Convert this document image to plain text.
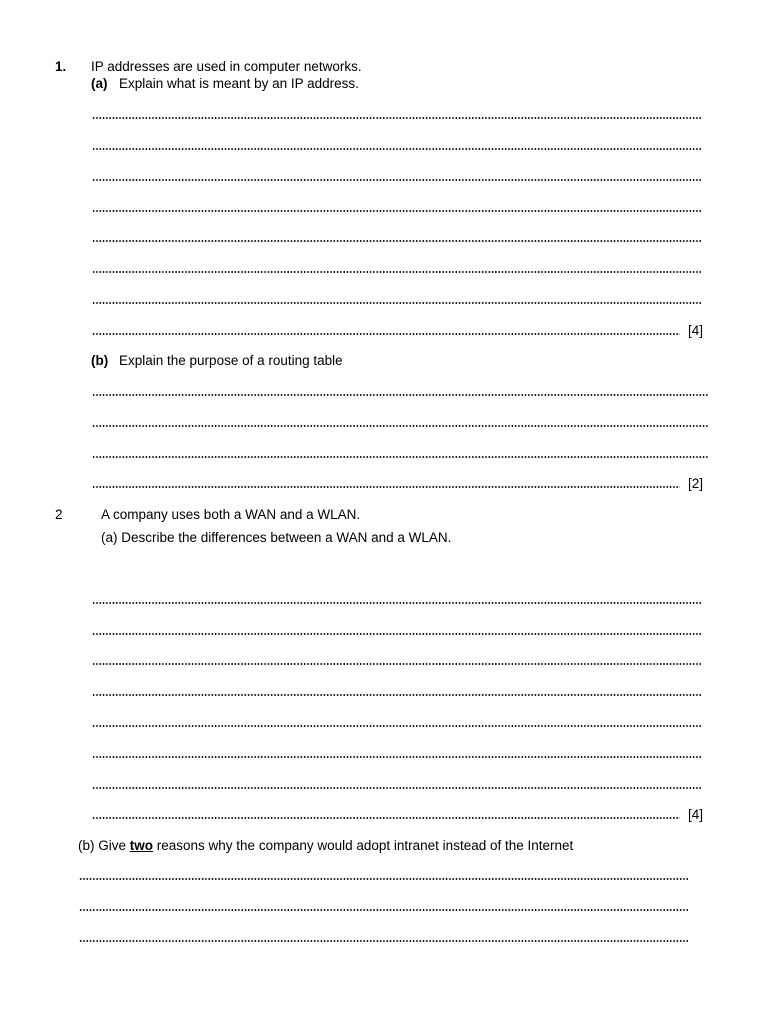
1. IP addresses are used in computer networks.
(a) Explain what is meant by an IP address.
[4]
(b) Explain the purpose of a routing table
[2]
2	A company uses both a WAN and a WLAN.
(a) Describe the differences between a WAN and a WLAN.
[4]
(b) Give two reasons why the company would adopt intranet instead of the Internet
